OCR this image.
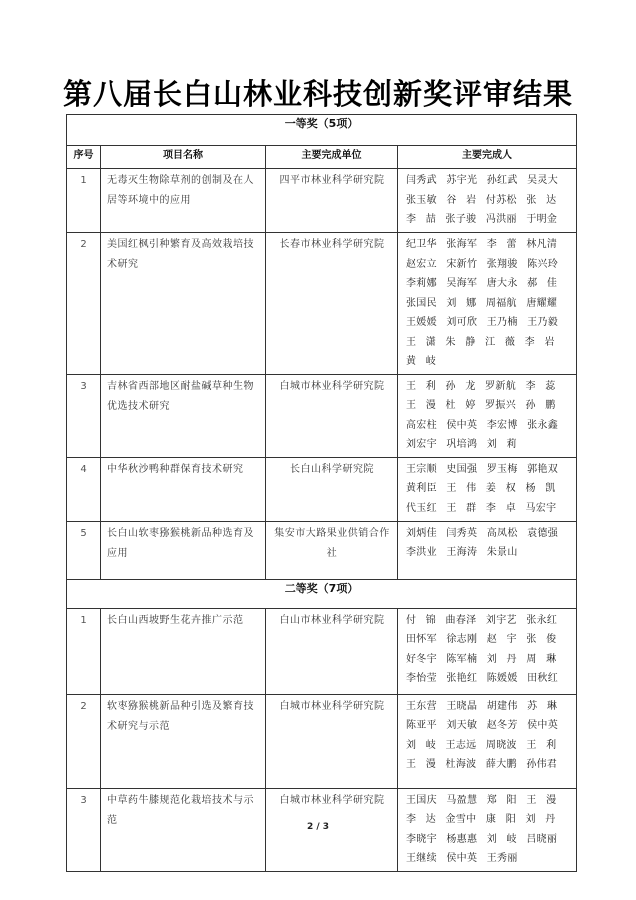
第八届长白山林业科技创新奖评审结果
一等奖（5项）			
序号	项目名称	主要完成单位	主要完成人
1	无毒灭生物除草剂的创制及在人居等环境中的应用	四平市林业科学研究院	闫秀武 苏宇光 孙红武 吴灵大 张玉敏 谷 岩 付苏松 张 达 李 喆 张子骏 冯洪丽 于明金
2	美国红枫引种繁育及高效栽培技术研究	长春市林业科学研究院	纪卫华 张海军 李 蕾 林凡清 赵宏立 宋新竹 张翔骏 陈兴玲 李莉娜 吴海军 唐大永 郝 佳 张国民 刘 娜 周福航 唐耀耀 王媛媛 刘可欣 王乃楠 王乃毅 王 潇 朱 静 江 薇 李 岩 黄 岐
3	吉林省西部地区耐盐碱草种生物优选技术研究	白城市林业科学研究院	王 利 孙 龙 罗新航 李 蕊 王 漫 杜 婷 罗振兴 孙 鹏 高宏柱 侯中英 李宏博 张永鑫 刘宏宇 巩培鸿 刘 莉
4	中华秋沙鸭种群保育技术研究	长白山科学研究院	王宗顺 史国强 罗玉梅 郭艳双 黄利臣 王 伟 姜 权 杨 凯 代玉红 王 群 李 卓 马宏宇
5	长白山软枣猕猴桃新品种选育及应用	集安市大路果业供销合作社	刘炳佳 闫秀英 高凤松 袁德强 李洪业 王海涛 朱景山
二等奖（7项）			
1	长白山西坡野生花卉推广示范	白山市林业科学研究院	付 锦 曲春泽 刘宇艺 张永红 田怀军 徐志刚 赵 宇 张 俊 好冬宇 陈军楠 刘 丹 周 琳 李怡莹 张艳红 陈媛媛 田秋红
2	软枣猕猴桃新品种引选及繁育技术研究与示范	白城市林业科学研究院	王东营 王晓晶 胡建伟 苏 琳 陈亚平 刘天敏 赵冬芳 侯中英 刘 岐 王志远 周晓波 王 利 王 漫 杜海波 薛大鹏 孙伟君
3	中草药牛膝规范化栽培技术与示范	白城市林业科学研究院	王国庆 马盈慧 郑 阳 王 漫 李 达 金雪中 康 阳 刘 丹 李晓宇 杨惠惠 刘 岐 吕晓丽 王继续 侯中英 王秀丽
2 / 3
